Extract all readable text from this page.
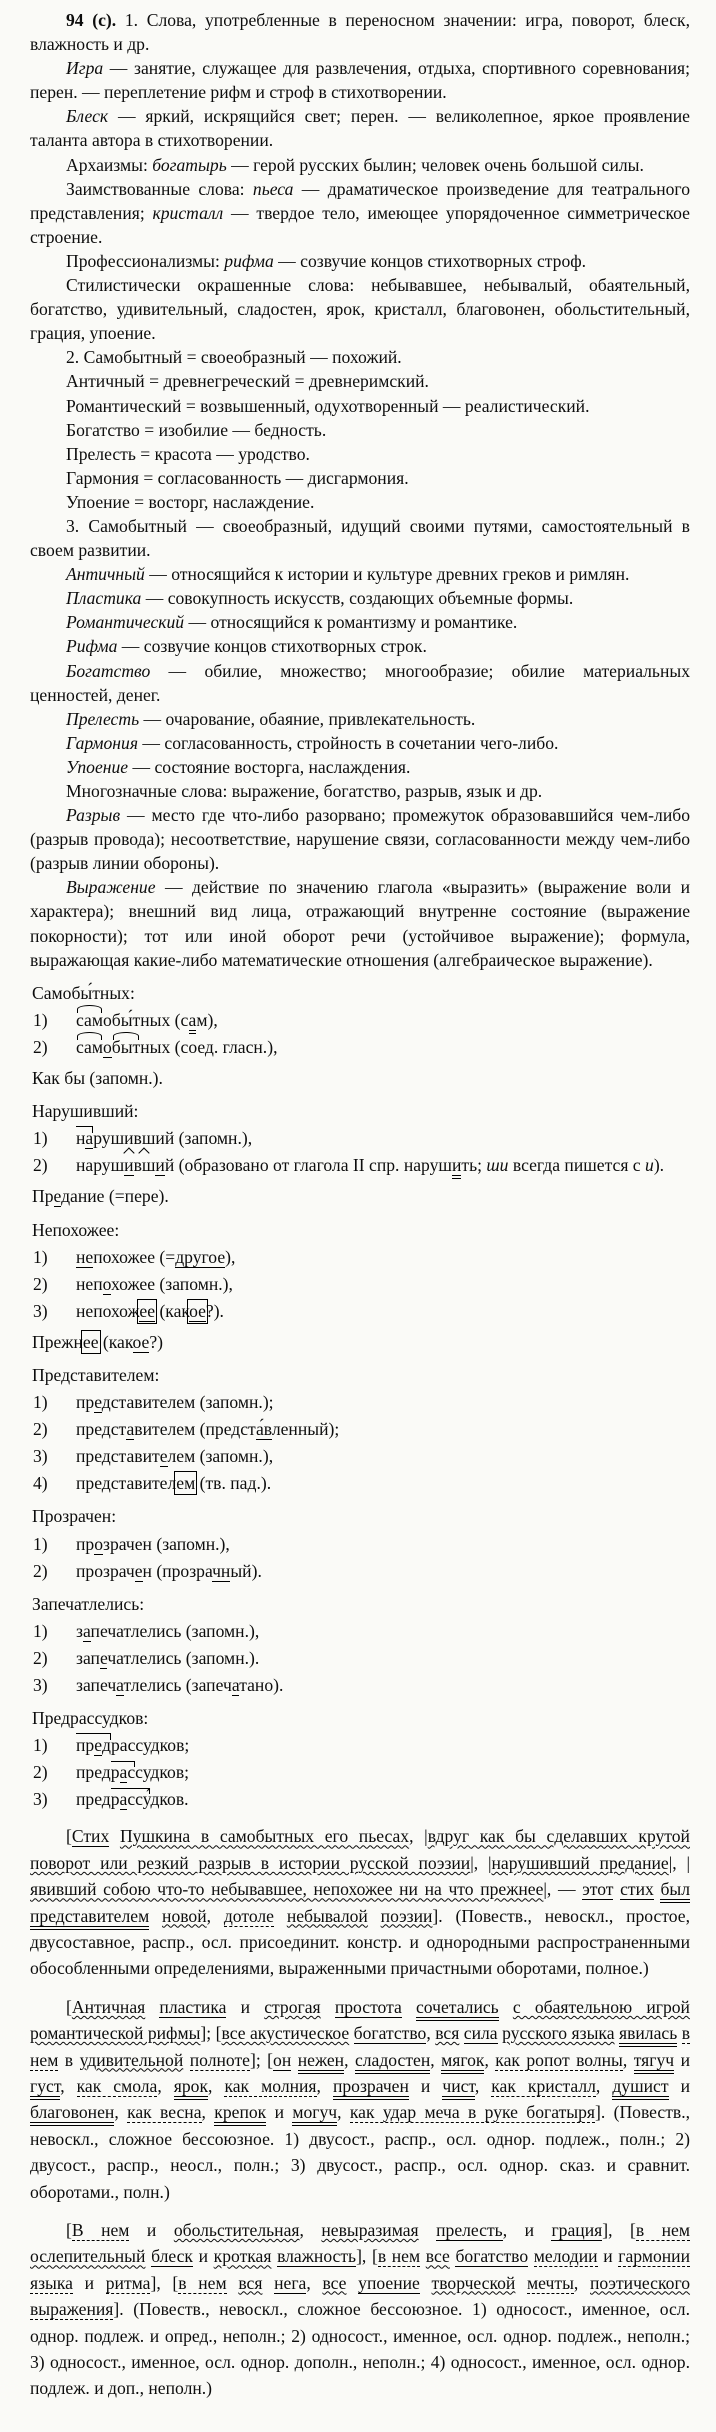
94 (с). 1. Слова, употребленные в переносном значении: игра, поворот, блеск, влажность и др.

Игра — занятие, служащее для развлечения, отдыха, спортивного соревнования; перен. — переплетение рифм и строф в стихотворении.

Блеск — яркий, искрящийся свет; перен. — великолепное, яркое проявление таланта автора в стихотворении.

Архаизмы: богатырь — герой русских былин; человек очень большой силы.

Заимствованные слова: пьеса — драматическое произведение для театрального представления; кристалл — твердое тело, имеющее упорядоченное симметрическое строение.

Профессионализмы: рифма — созвучие концов стихотворных строф.

Стилистически окрашенные слова: небывавшее, небывалый, обаятельный, богатство, удивительный, сладостен, ярок, кристалл, благовонен, обольстительный, грация, упоение.

2. Самобытный = своеобразный — похожий.

Античный = древнегреческий = древнеримский.

Романтический = возвышенный, одухотворенный — реалистический.

Богатство = изобилие — бедность.

Прелесть = красота — уродство.

Гармония = согласованность — дисгармония.

Упоение = восторг, наслаждение.

3. Самобытный — своеобразный, идущий своими путями, самостоятельный в своем развитии.

Античный — относящийся к истории и культуре древних греков и римлян.

Пластика — совокупность искусств, создающих объемные формы.

Романтический — относящийся к романтизму и романтике.

Рифма — созвучие концов стихотворных строк.

Богатство — обилие, множество; многообразие; обилие материальных ценностей, денег.

Прелесть — очарование, обаяние, привлекательность.

Гармония — согласованность, стройность в сочетании чего-либо.

Упоение — состояние восторга, наслаждения.

Многозначные слова: выражение, богатство, разрыв, язык и др.

Разрыв — место где что-либо разорвано; промежуток образовавшийся чем-либо (разрыв провода); несоответствие, нарушение связи, согласованности между чем-либо (разрыв линии обороны).

Выражение — действие по значению глагола «выразить» (выражение воли и характера); внешний вид лица, отражающий внутренне состояние (выражение покорности); тот или иной оборот речи (устойчивое выражение); формула, выражающая какие-либо математические отношения (алгебраическое выражение).

Самобы́тных:

1) самобы́тных (сам),

2) самобытных (соед. гласн.),

Как бы (запомн.).

Нарушивший:

1) нарушивший (запомн.),

2) нарушивший (образовано от глагола II спр. нарушить; ши всегда пишется с и).

Предание (=пере).

Непохожее:

1) непохожее (=другое),

2) непохожее (запомн.),

3) непохожее (какое?).

Прежнее (какое?)

Представителем:

1) представителем (запомн.);

2) представителем (предста́вленный);

3) представителем (запомн.),

4) представителем (тв. пад.).

Прозрачен:

1) прозрачен (запомн.),

2) прозрачен (прозрачный).

Запечатлелись:

1) запечатлелись (запомн.),

2) запечатлелись (запомн.).

3) запечатлелись (запечатано).

Предрассудков:

1) предрассудков;

2) предрассудков;

3) предрассу́дков.

[Стих Пушкина в самобытных его пьесах, |вдруг как бы сделавших крутой поворот или резкий разрыв в истории русской поэзии|, |нарушивший предание|, |явивший собою что-то небывавшее, непохожее ни на что прежнее|, — этот стих был представителем новой, дотоле небывалой поэзии]. (Повеств., невоскл., простое, двусоставное, распр., осл. присоединит. констр. и однородными распространенными обособленными определениями, выраженными причастными оборотами, полное.)

[Античная пластика и строгая простота сочетались с обаятельною игрой романтической рифмы]; [все акустическое богатство, вся сила русского языка явилась в нем в удивительной полноте]; [он нежен, сладостен, мягок, как ропот волны, тягуч и густ, как смола, ярок, как молния, прозрачен и чист, как кристалл, душист и благовонен, как весна, крепок и могуч, как удар меча в руке богатыря]. (Повеств., невоскл., сложное бессоюзное. 1) двусост., распр., осл. однор. подлеж., полн.; 2) двусост., распр., неосл., полн.; 3) двусост., распр., осл. однор. сказ. и сравнит. оборотами., полн.)

[В нем и обольстительная, невыразимая прелесть, и грация], [в нем ослепительный блеск и кроткая влажность], [в нем все богатство мелодии и гармонии языка и ритма], [в нем вся нега, все упоение творческой мечты, поэтического выражения]. (Повеств., невоскл., сложное бессоюзное. 1) односост., именное, осл. однор. подлеж. и опред., неполн.; 2) односост., именное, осл. однор. подлеж., неполн.; 3) односост., именное, осл. однор. дополн., неполн.; 4) односост., именное, осл. однор. подлеж. и доп., неполн.)
